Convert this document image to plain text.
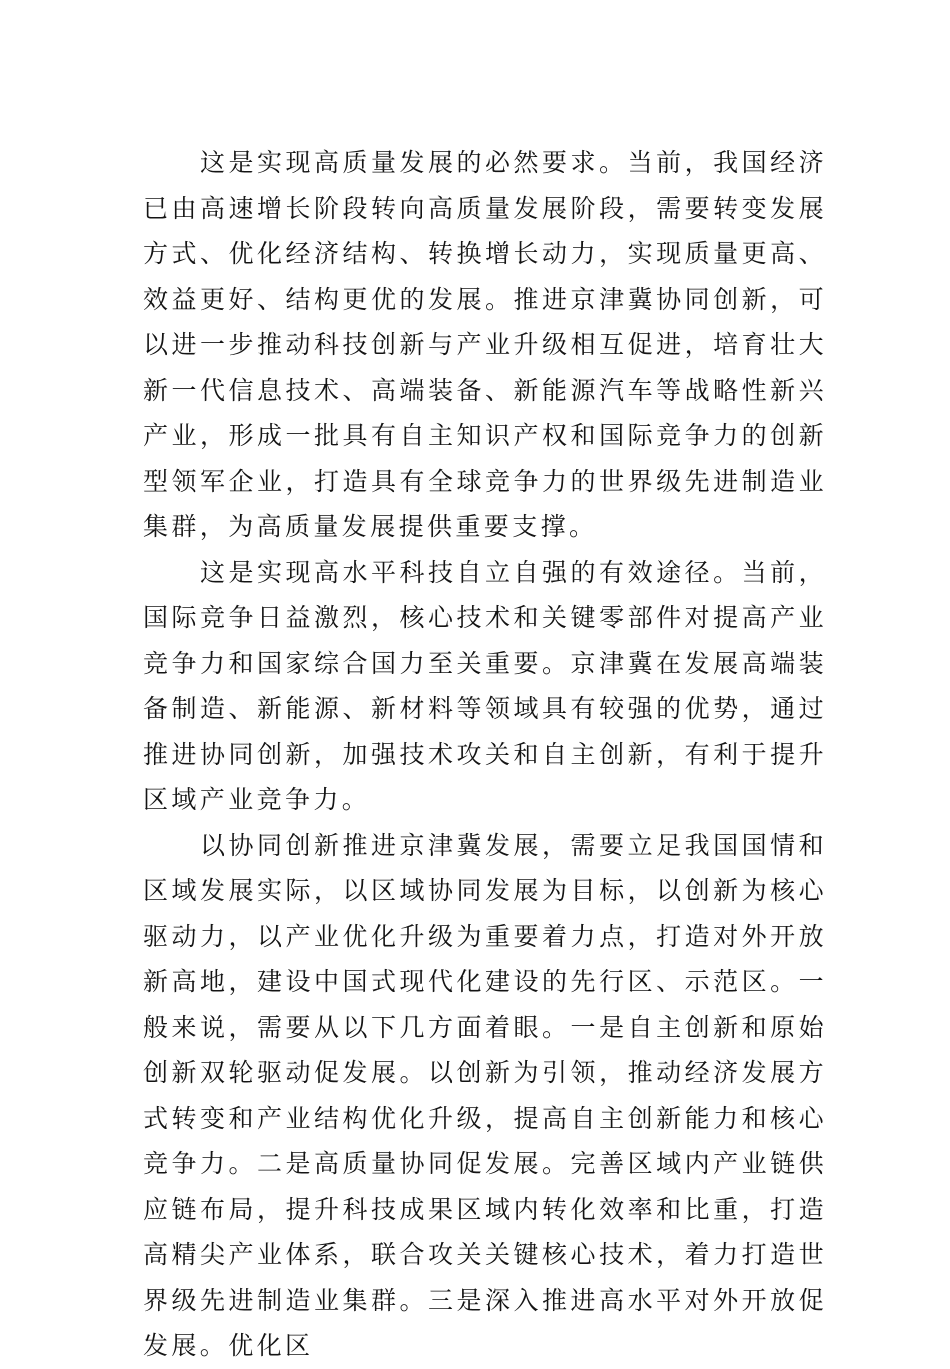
这是实现高质量发展的必然要求。当前，我国经济已由高速增长阶段转向高质量发展阶段，需要转变发展方式、优化经济结构、转换增长动力，实现质量更高、效益更好、结构更优的发展。推进京津冀协同创新，可以进一步推动科技创新与产业升级相互促进，培育壮大新一代信息技术、高端装备、新能源汽车等战略性新兴产业，形成一批具有自主知识产权和国际竞争力的创新型领军企业，打造具有全球竞争力的世界级先进制造业集群，为高质量发展提供重要支撑。

这是实现高水平科技自立自强的有效途径。当前，国际竞争日益激烈，核心技术和关键零部件对提高产业竞争力和国家综合国力至关重要。京津冀在发展高端装备制造、新能源、新材料等领域具有较强的优势，通过推进协同创新，加强技术攻关和自主创新，有利于提升区域产业竞争力。

以协同创新推进京津冀发展，需要立足我国国情和区域发展实际，以区域协同发展为目标，以创新为核心驱动力，以产业优化升级为重要着力点，打造对外开放新高地，建设中国式现代化建设的先行区、示范区。一般来说，需要从以下几方面着眼。一是自主创新和原始创新双轮驱动促发展。以创新为引领，推动经济发展方式转变和产业结构优化升级，提高自主创新能力和核心竞争力。二是高质量协同促发展。完善区域内产业链供应链布局，提升科技成果区域内转化效率和比重，打造高精尖产业体系，联合攻关关键核心技术，着力打造世界级先进制造业集群。三是深入推进高水平对外开放促发展。优化区
